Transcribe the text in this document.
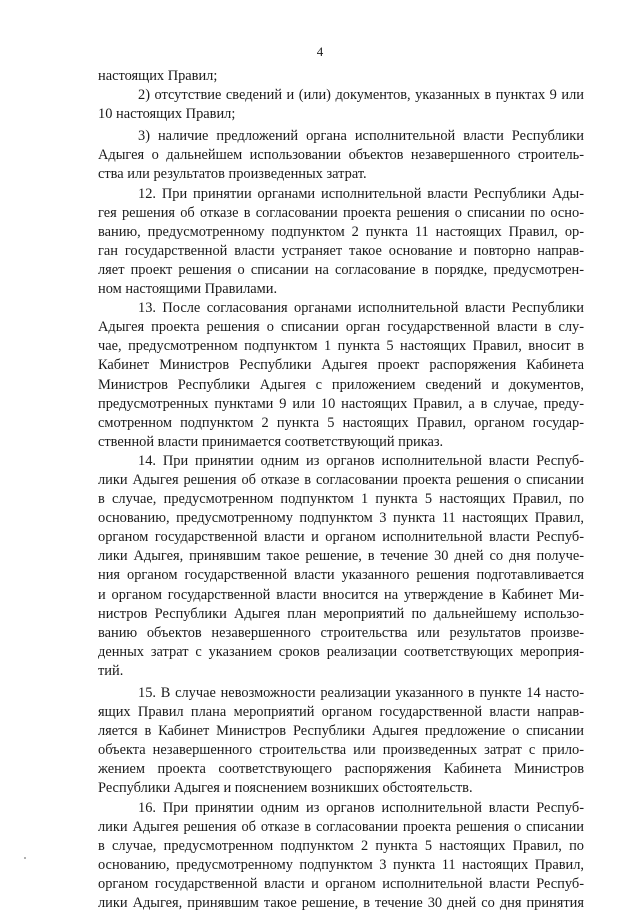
4
настоящих Правил;
2) отсутствие сведений и (или) документов, указанных в пунктах 9 или
10 настоящих Правил;
3) наличие предложений органа исполнительной власти Республики
Адыгея о дальнейшем использовании объектов незавершенного строитель-
ства или результатов произведенных затрат.
12. При принятии органами исполнительной власти Республики Ады-
гея решения об отказе в согласовании проекта решения о списании по осно-
ванию, предусмотренному подпунктом 2 пункта 11 настоящих Правил, ор-
ган государственной власти устраняет такое основание и повторно направ-
ляет проект решения о списании на согласование в порядке, предусмотрен-
ном настоящими Правилами.
13. После согласования органами исполнительной власти Республики
Адыгея проекта решения о списании орган государственной власти в слу-
чае, предусмотренном подпунктом 1 пункта 5 настоящих Правил, вносит в
Кабинет Министров Республики Адыгея проект распоряжения Кабинета
Министров Республики Адыгея с приложением сведений и документов,
предусмотренных пунктами 9 или 10 настоящих Правил, а в случае, преду-
смотренном подпунктом 2 пункта 5 настоящих Правил, органом государ-
ственной власти принимается соответствующий приказ.
14. При принятии одним из органов исполнительной власти Респуб-
лики Адыгея решения об отказе в согласовании проекта решения о списании
в случае, предусмотренном подпунктом 1 пункта 5 настоящих Правил, по
основанию, предусмотренному подпунктом 3 пункта 11 настоящих Правил,
органом государственной власти и органом исполнительной власти Респуб-
лики Адыгея, принявшим такое решение, в течение 30 дней со дня получе-
ния органом государственной власти указанного решения подготавливается
и органом государственной власти вносится на утверждение в Кабинет Ми-
нистров Республики Адыгея план мероприятий по дальнейшему использо-
ванию объектов незавершенного строительства или результатов произве-
денных затрат с указанием сроков реализации соответствующих мероприя-
тий.
15. В случае невозможности реализации указанного в пункте 14 насто-
ящих Правил плана мероприятий органом государственной власти направ-
ляется в Кабинет Министров Республики Адыгея предложение о списании
объекта незавершенного строительства или произведенных затрат с прило-
жением проекта соответствующего распоряжения Кабинета Министров
Республики Адыгея и пояснением возникших обстоятельств.
16. При принятии одним из органов исполнительной власти Респуб-
лики Адыгея решения об отказе в согласовании проекта решения о списании
в случае, предусмотренном подпунктом 2 пункта 5 настоящих Правил, по
основанию, предусмотренному подпунктом 3 пункта 11 настоящих Правил,
органом государственной власти и органом исполнительной власти Респуб-
лики Адыгея, принявшим такое решение, в течение 30 дней со дня принятия
